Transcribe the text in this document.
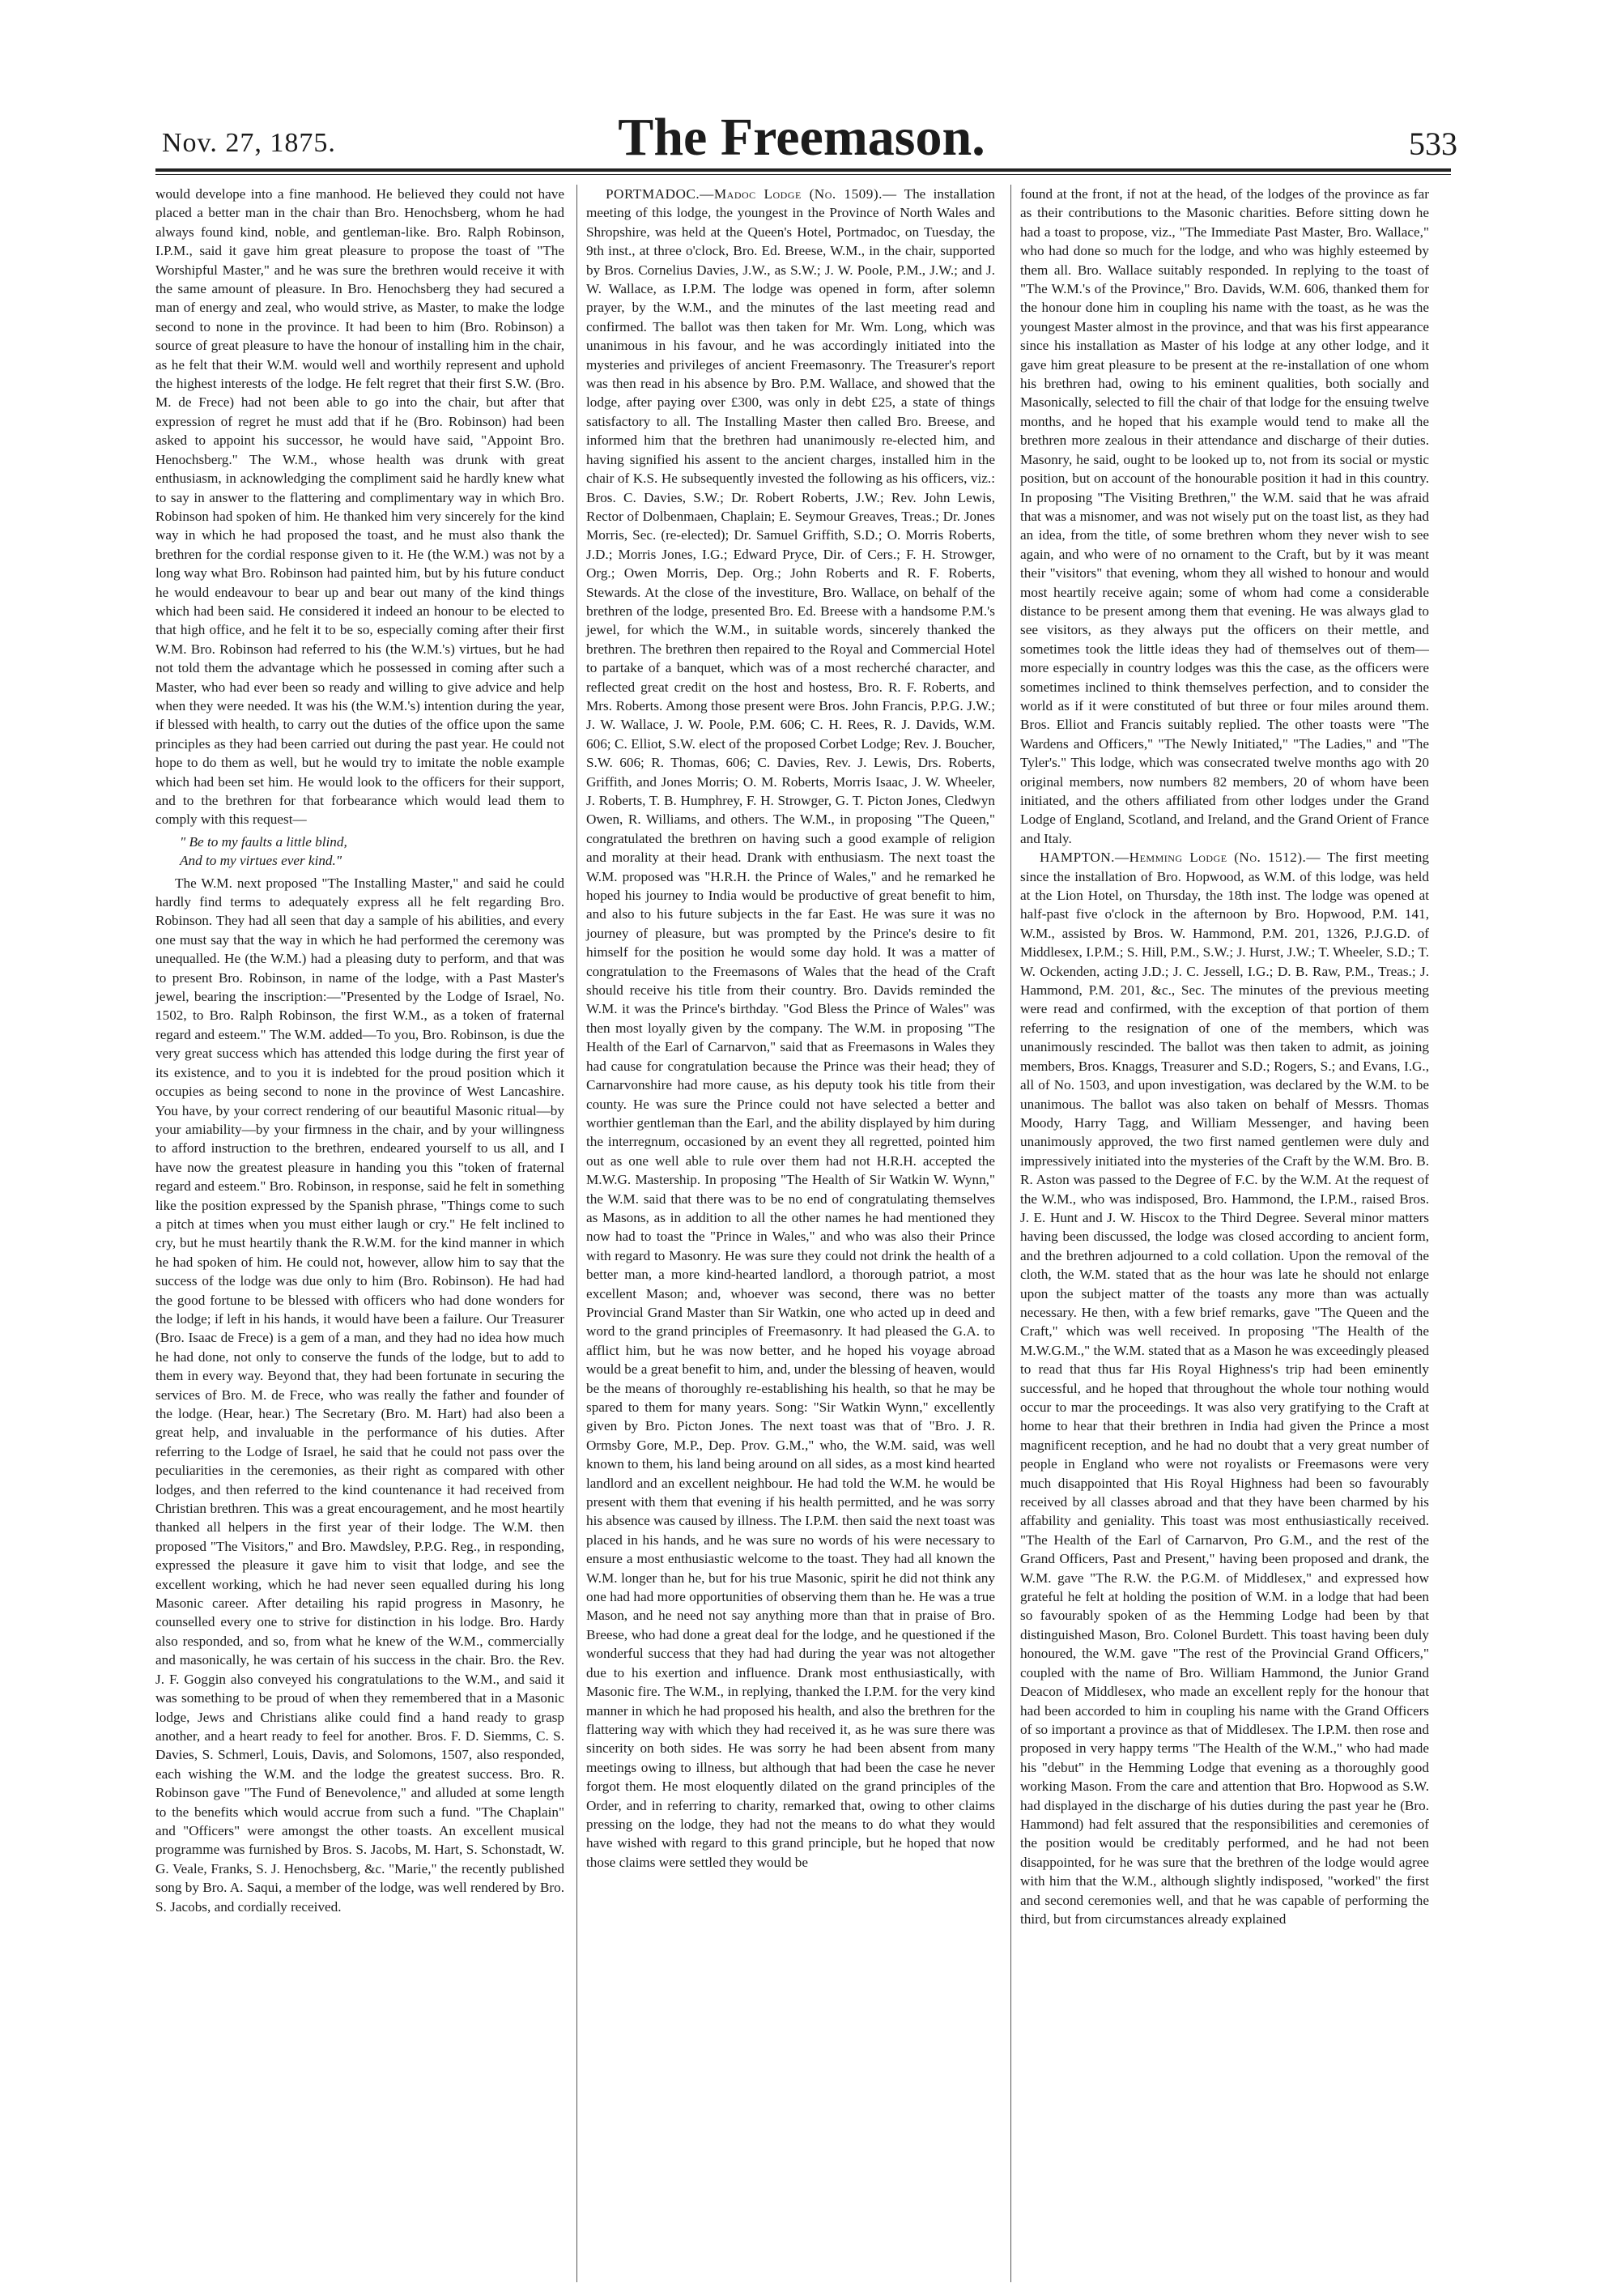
Nov. 27, 1875.	The Freemason.	533

would develope into a fine manhood. He believed they could not have placed a better man in the chair than Bro. Henochsberg, whom he had always found kind, noble, and gentleman-like. Bro. Ralph Robinson, I.P.M., said it gave him great pleasure to propose the toast of "The Worshipful Master," and he was sure the brethren would receive it with the same amount of pleasure. In Bro. Henochsberg they had secured a man of energy and zeal, who would strive, as Master, to make the lodge second to none in the province. It had been to him (Bro. Robinson) a source of great pleasure to have the honour of installing him in the chair, as he felt that their W.M. would well and worthily represent and uphold the highest interests of the lodge. He felt regret that their first S.W. (Bro. M. de Frece) had not been able to go into the chair, but after that expression of regret he must add that if he (Bro. Robinson) had been asked to appoint his successor, he would have said, "Appoint Bro. Henochsberg." The W.M., whose health was drunk with great enthusiasm, in acknowledging the compliment said he hardly knew what to say in answer to the flattering and complimentary way in which Bro. Robinson had spoken of him. He thanked him very sincerely for the kind way in which he had proposed the toast, and he must also thank the brethren for the cordial response given to it. He (the W.M.) was not by a long way what Bro. Robinson had painted him, but by his future conduct he would endeavour to bear up and bear out many of the kind things which had been said. He considered it indeed an honour to be elected to that high office, and he felt it to be so, especially coming after their first W.M. Bro. Robinson had referred to his (the W.M.'s) virtues, but he had not told them the advantage which he possessed in coming after such a Master, who had ever been so ready and willing to give advice and help when they were needed. It was his (the W.M.'s) intention during the year, if blessed with health, to carry out the duties of the office upon the same principles as they had been carried out during the past year. He could not hope to do them as well, but he would try to imitate the noble example which had been set him. He would look to the officers for their support, and to the brethren for that forbearance which would lead them to comply with this request—

" Be to my faults a little blind,
And to my virtues ever kind."

The W.M. next proposed "The Installing Master," and said he could hardly find terms to adequately express all he felt regarding Bro. Robinson. They had all seen that day a sample of his abilities, and every one must say that the way in which he had performed the ceremony was unequalled. He (the W.M.) had a pleasing duty to perform, and that was to present Bro. Robinson, in name of the lodge, with a Past Master's jewel, bearing the inscription:—"Presented by the Lodge of Israel, No. 1502, to Bro. Ralph Robinson, the first W.M., as a token of fraternal regard and esteem." The W.M. added—To you, Bro. Robinson, is due the very great success which has attended this lodge during the first year of its existence, and to you it is indebted for the proud position which it occupies as being second to none in the province of West Lancashire. You have, by your correct rendering of our beautiful Masonic ritual—by your amiability—by your firmness in the chair, and by your willingness to afford instruction to the brethren, endeared yourself to us all, and I have now the greatest pleasure in handing you this "token of fraternal regard and esteem." Bro. Robinson, in response, said he felt in something like the position expressed by the Spanish phrase, "Things come to such a pitch at times when you must either laugh or cry." He felt inclined to cry, but he must heartily thank the R.W.M. for the kind manner in which he had spoken of him. He could not, however, allow him to say that the success of the lodge was due only to him (Bro. Robinson). He had had the good fortune to be blessed with officers who had done wonders for the lodge; if left in his hands, it would have been a failure. Our Treasurer (Bro. Isaac de Frece) is a gem of a man, and they had no idea how much he had done, not only to conserve the funds of the lodge, but to add to them in every way. Beyond that, they had been fortunate in securing the services of Bro. M. de Frece, who was really the father and founder of the lodge. (Hear, hear.) The Secretary (Bro. M. Hart) had also been a great help, and invaluable in the performance of his duties. After referring to the Lodge of Israel, he said that he could not pass over the peculiarities in the ceremonies, as their right as compared with other lodges, and then referred to the kind countenance it had received from Christian brethren. This was a great encouragement, and he most heartily thanked all helpers in the first year of their lodge. The W.M. then proposed "The Visitors," and Bro. Mawdsley, P.P.G. Reg., in responding, expressed the pleasure it gave him to visit that lodge, and see the excellent working, which he had never seen equalled during his long Masonic career. After detailing his rapid progress in Masonry, he counselled every one to strive for distinction in his lodge. Bro. Hardy also responded, and so, from what he knew of the W.M., commercially and masonically, he was certain of his success in the chair. Bro. the Rev. J. F. Goggin also conveyed his congratulations to the W.M., and said it was something to be proud of when they remembered that in a Masonic lodge, Jews and Christians alike could find a hand ready to grasp another, and a heart ready to feel for another. Bros. F. D. Siemms, C. S. Davies, S. Schmerl, Louis, Davis, and Solomons, 1507, also responded, each wishing the W.M. and the lodge the greatest success. Bro. R. Robinson gave "The Fund of Benevolence," and alluded at some length to the benefits which would accrue from such a fund. "The Chaplain" and "Officers" were amongst the other toasts. An excellent musical programme was furnished by Bros. S. Jacobs, M. Hart, S. Schonstadt, W. G. Veale, Franks, S. J. Henochsberg, &c. "Marie," the recently published song by Bro. A. Saqui, a member of the lodge, was well rendered by Bro. S. Jacobs, and cordially received.

PORTMADOC.—Madoc Lodge (No. 1509).— The installation meeting of this lodge, the youngest in the Province of North Wales and Shropshire, was held at the Queen's Hotel, Portmadoc, on Tuesday, the 9th inst., at three o'clock, Bro. Ed. Breese, W.M., in the chair, supported by Bros. Cornelius Davies, J.W., as S.W.; J. W. Poole, P.M., J.W.; and J. W. Wallace, as I.P.M. The lodge was opened in form, after solemn prayer, by the W.M., and the minutes of the last meeting read and confirmed. The ballot was then taken for Mr. Wm. Long, which was unanimous in his favour, and he was accordingly initiated into the mysteries and privileges of ancient Freemasonry. The Treasurer's report was then read in his absence by Bro. P.M. Wallace, and showed that the lodge, after paying over £300, was only in debt £25, a state of things satisfactory to all. The Installing Master then called Bro. Breese, and informed him that the brethren had unanimously re-elected him, and having signified his assent to the ancient charges, installed him in the chair of K.S. He subsequently invested the following as his officers, viz.: Bros. C. Davies, S.W.; Dr. Robert Roberts, J.W.; Rev. John Lewis, Rector of Dolbenmaen, Chaplain; E. Seymour Greaves, Treas.; Dr. Jones Morris, Sec. (re-elected); Dr. Samuel Griffith, S.D.; O. Morris Roberts, J.D.; Morris Jones, I.G.; Edward Pryce, Dir. of Cers.; F. H. Strowger, Org.; Owen Morris, Dep. Org.; John Roberts and R. F. Roberts, Stewards. At the close of the investiture, Bro. Wallace, on behalf of the brethren of the lodge, presented Bro. Ed. Breese with a handsome P.M.'s jewel, for which the W.M., in suitable words, sincerely thanked the brethren. The brethren then repaired to the Royal and Commercial Hotel to partake of a banquet, which was of a most recherché character, and reflected great credit on the host and hostess, Bro. R. F. Roberts, and Mrs. Roberts. Among those present were Bros. John Francis, P.P.G. J.W.; J. W. Wallace, J. W. Poole, P.M. 606; C. H. Rees, R. J. Davids, W.M. 606; C. Elliot, S.W. elect of the proposed Corbet Lodge; Rev. J. Boucher, S.W. 606; R. Thomas, 606; C. Davies, Rev. J. Lewis, Drs. Roberts, Griffith, and Jones Morris; O. M. Roberts, Morris Isaac, J. W. Wheeler, J. Roberts, T. B. Humphrey, F. H. Strowger, G. T. Picton Jones, Cledwyn Owen, R. Williams, and others. The W.M., in proposing "The Queen," congratulated the brethren on having such a good example of religion and morality at their head. Drank with enthusiasm. The next toast the W.M. proposed was "H.R.H. the Prince of Wales," and he remarked he hoped his journey to India would be productive of great benefit to him, and also to his future subjects in the far East. He was sure it was no journey of pleasure, but was prompted by the Prince's desire to fit himself for the position he would some day hold. It was a matter of congratulation to the Freemasons of Wales that the head of the Craft should receive his title from their country. Bro. Davids reminded the W.M. it was the Prince's birthday. "God Bless the Prince of Wales" was then most loyally given by the company. The W.M. in proposing "The Health of the Earl of Carnarvon," said that as Freemasons in Wales they had cause for congratulation because the Prince was their head; they of Carnarvonshire had more cause, as his deputy took his title from their county. He was sure the Prince could not have selected a better and worthier gentleman than the Earl, and the ability displayed by him during the interregnum, occasioned by an event they all regretted, pointed him out as one well able to rule over them had not H.R.H. accepted the M.W.G. Mastership. In proposing "The Health of Sir Watkin W. Wynn," the W.M. said that there was to be no end of congratulating themselves as Masons, as in addition to all the other names he had mentioned they now had to toast the "Prince in Wales," and who was also their Prince with regard to Masonry. He was sure they could not drink the health of a better man, a more kind-hearted landlord, a thorough patriot, a most excellent Mason; and, whoever was second, there was no better Provincial Grand Master than Sir Watkin, one who acted up in deed and word to the grand principles of Freemasonry. It had pleased the G.A. to afflict him, but he was now better, and he hoped his voyage abroad would be a great benefit to him, and, under the blessing of heaven, would be the means of thoroughly re-establishing his health, so that he may be spared to them for many years. Song: "Sir Watkin Wynn," excellently given by Bro. Picton Jones. The next toast was that of "Bro. J. R. Ormsby Gore, M.P., Dep. Prov. G.M.," who, the W.M. said, was well known to them, his land being around on all sides, as a most kind hearted landlord and an excellent neighbour. He had told the W.M. he would be present with them that evening if his health permitted, and he was sorry his absence was caused by illness. The I.P.M. then said the next toast was placed in his hands, and he was sure no words of his were necessary to ensure a most enthusiastic welcome to the toast. They had all known the W.M. longer than he, but for his true Masonic, spirit he did not think any one had had more opportunities of observing them than he. He was a true Mason, and he need not say anything more than that in praise of Bro. Breese, who had done a great deal for the lodge, and he questioned if the wonderful success that they had had during the year was not altogether due to his exertion and influence. Drank most enthusiastically, with Masonic fire. The W.M., in replying, thanked the I.P.M. for the very kind manner in which he had proposed his health, and also the brethren for the flattering way with which they had received it, as he was sure there was sincerity on both sides. He was sorry he had been absent from many meetings owing to illness, but although that had been the case he never forgot them. He most eloquently dilated on the grand principles of the Order, and in referring to charity, remarked that, owing to other claims pressing on the lodge, they had not the means to do what they would have wished with regard to this grand principle, but he hoped that now those claims were settled they would be

found at the front, if not at the head, of the lodges of the province as far as their contributions to the Masonic charities. Before sitting down he had a toast to propose, viz., "The Immediate Past Master, Bro. Wallace," who had done so much for the lodge, and who was highly esteemed by them all. Bro. Wallace suitably responded. In replying to the toast of "The W.M.'s of the Province," Bro. Davids, W.M. 606, thanked them for the honour done him in coupling his name with the toast, as he was the youngest Master almost in the province, and that was his first appearance since his installation as Master of his lodge at any other lodge, and it gave him great pleasure to be present at the re-installation of one whom his brethren had, owing to his eminent qualities, both socially and Masonically, selected to fill the chair of that lodge for the ensuing twelve months, and he hoped that his example would tend to make all the brethren more zealous in their attendance and discharge of their duties. Masonry, he said, ought to be looked up to, not from its social or mystic position, but on account of the honourable position it had in this country. In proposing "The Visiting Brethren," the W.M. said that he was afraid that was a misnomer, and was not wisely put on the toast list, as they had an idea, from the title, of some brethren whom they never wish to see again, and who were of no ornament to the Craft, but by it was meant their "visitors" that evening, whom they all wished to honour and would most heartily receive again; some of whom had come a considerable distance to be present among them that evening. He was always glad to see visitors, as they always put the officers on their mettle, and sometimes took the little ideas they had of themselves out of them—more especially in country lodges was this the case, as the officers were sometimes inclined to think themselves perfection, and to consider the world as if it were constituted of but three or four miles around them. Bros. Elliot and Francis suitably replied. The other toasts were "The Wardens and Officers," "The Newly Initiated," "The Ladies," and "The Tyler's." This lodge, which was consecrated twelve months ago with 20 original members, now numbers 82 members, 20 of whom have been initiated, and the others affiliated from other lodges under the Grand Lodge of England, Scotland, and Ireland, and the Grand Orient of France and Italy.

HAMPTON.—Hemming Lodge (No. 1512).— The first meeting since the installation of Bro. Hopwood, as W.M. of this lodge, was held at the Lion Hotel, on Thursday, the 18th inst. The lodge was opened at half-past five o'clock in the afternoon by Bro. Hopwood, P.M. 141, W.M., assisted by Bros. W. Hammond, P.M. 201, 1326, P.J.G.D. of Middlesex, I.P.M.; S. Hill, P.M., S.W.; J. Hurst, J.W.; T. Wheeler, S.D.; T. W. Ockenden, acting J.D.; J. C. Jessell, I.G.; D. B. Raw, P.M., Treas.; J. Hammond, P.M. 201, &c., Sec. The minutes of the previous meeting were read and confirmed, with the exception of that portion of them referring to the resignation of one of the members, which was unanimously rescinded. The ballot was then taken to admit, as joining members, Bros. Knaggs, Treasurer and S.D.; Rogers, S.; and Evans, I.G., all of No. 1503, and upon investigation, was declared by the W.M. to be unanimous. The ballot was also taken on behalf of Messrs. Thomas Moody, Harry Tagg, and William Messenger, and having been unanimously approved, the two first named gentlemen were duly and impressively initiated into the mysteries of the Craft by the W.M. Bro. B. R. Aston was passed to the Degree of F.C. by the W.M. At the request of the W.M., who was indisposed, Bro. Hammond, the I.P.M., raised Bros. J. E. Hunt and J. W. Hiscox to the Third Degree. Several minor matters having been discussed, the lodge was closed according to ancient form, and the brethren adjourned to a cold collation. Upon the removal of the cloth, the W.M. stated that as the hour was late he should not enlarge upon the subject matter of the toasts any more than was actually necessary. He then, with a few brief remarks, gave "The Queen and the Craft," which was well received. In proposing "The Health of the M.W.G.M.," the W.M. stated that as a Mason he was exceedingly pleased to read that thus far His Royal Highness's trip had been eminently successful, and he hoped that throughout the whole tour nothing would occur to mar the proceedings. It was also very gratifying to the Craft at home to hear that their brethren in India had given the Prince a most magnificent reception, and he had no doubt that a very great number of people in England who were not royalists or Freemasons were very much disappointed that His Royal Highness had been so favourably received by all classes abroad and that they have been charmed by his affability and geniality. This toast was most enthusiastically received. "The Health of the Earl of Carnarvon, Pro G.M., and the rest of the Grand Officers, Past and Present," having been proposed and drank, the W.M. gave "The R.W. the P.G.M. of Middlesex," and expressed how grateful he felt at holding the position of W.M. in a lodge that had been so favourably spoken of as the Hemming Lodge had been by that distinguished Mason, Bro. Colonel Burdett. This toast having been duly honoured, the W.M. gave "The rest of the Provincial Grand Officers," coupled with the name of Bro. William Hammond, the Junior Grand Deacon of Middlesex, who made an excellent reply for the honour that had been accorded to him in coupling his name with the Grand Officers of so important a province as that of Middlesex. The I.P.M. then rose and proposed in very happy terms "The Health of the W.M.," who had made his "debut" in the Hemming Lodge that evening as a thoroughly good working Mason. From the care and attention that Bro. Hopwood as S.W. had displayed in the discharge of his duties during the past year he (Bro. Hammond) had felt assured that the responsibilities and ceremonies of the position would be creditably performed, and he had not been disappointed, for he was sure that the brethren of the lodge would agree with him that the W.M., although slightly indisposed, "worked" the first and second ceremonies well, and that he was capable of performing the third, but from circumstances already explained
